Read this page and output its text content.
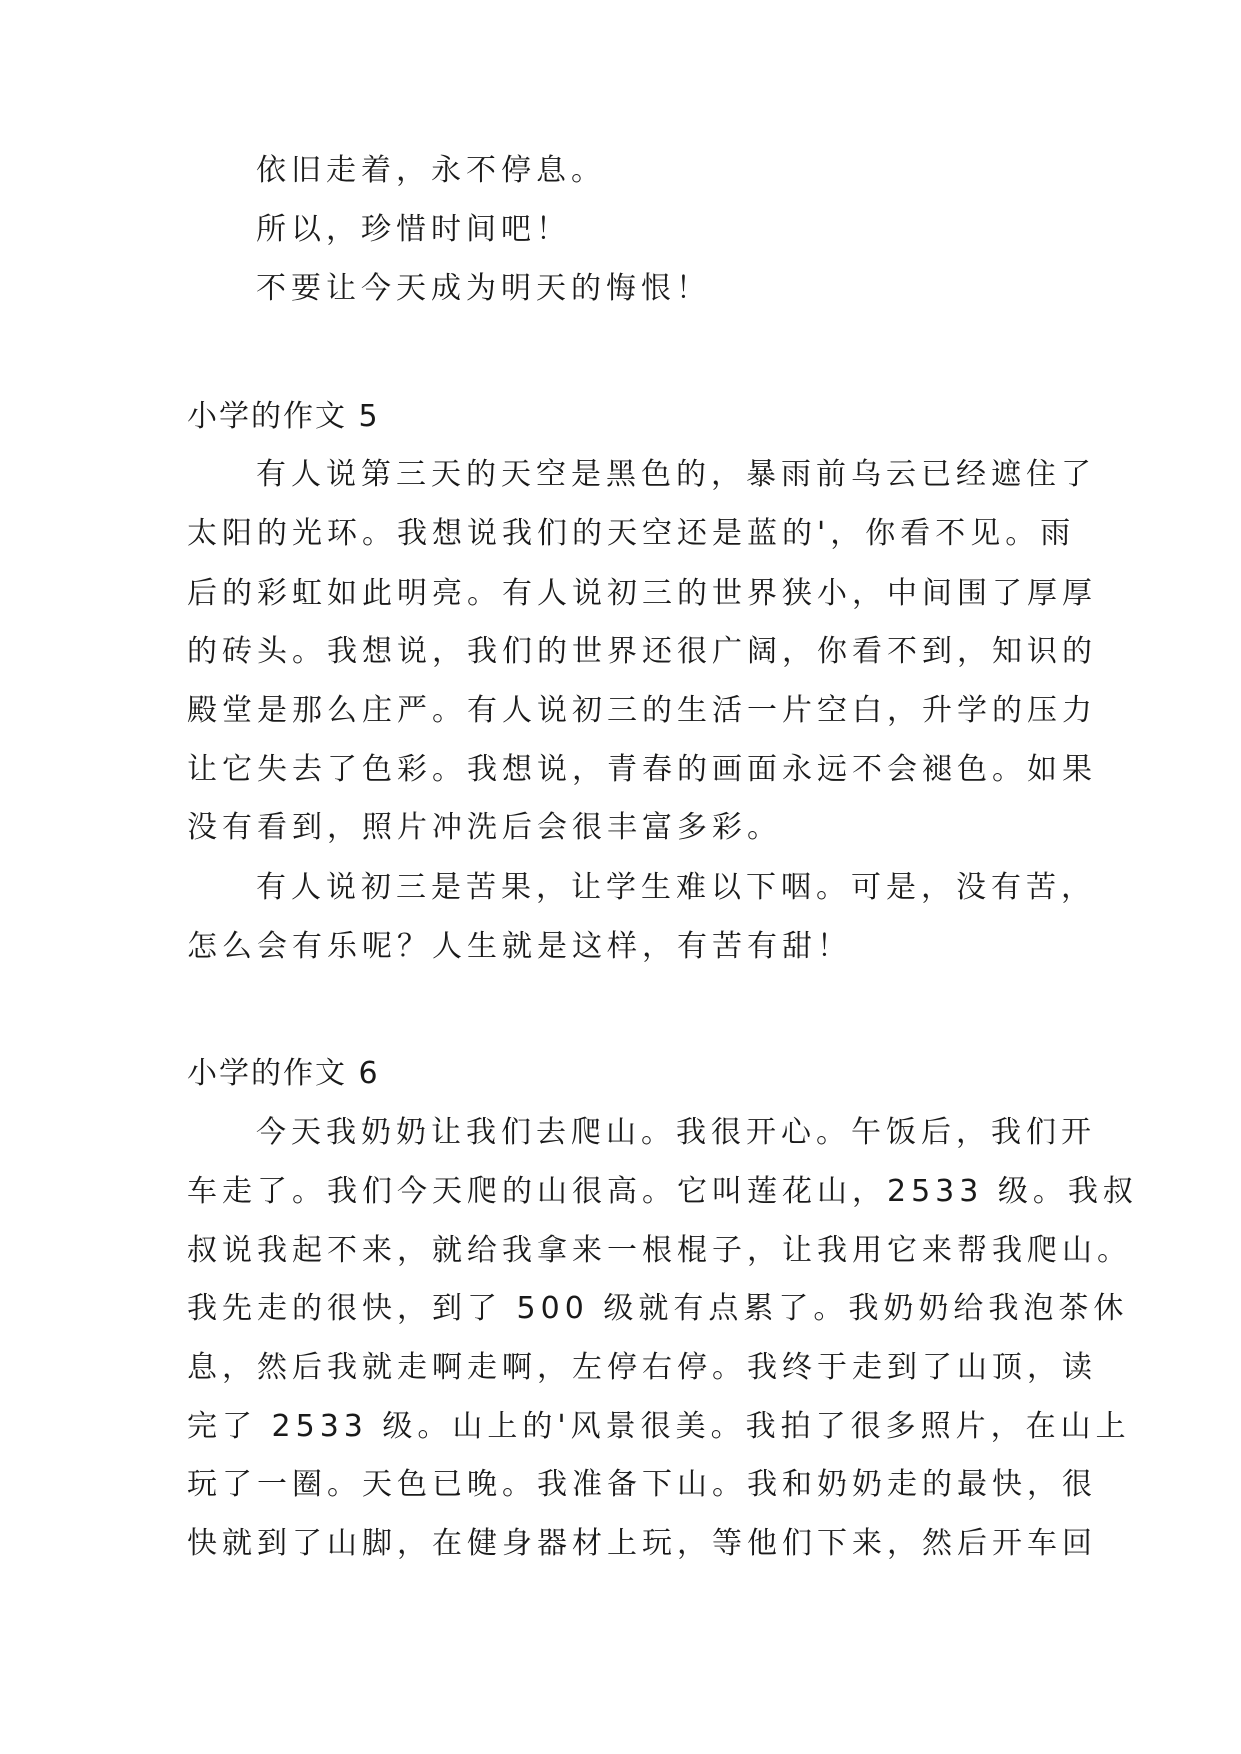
依旧走着，永不停息。
所以，珍惜时间吧！
不要让今天成为明天的悔恨！
小学的作文 5
有人说第三天的天空是黑色的，暴雨前乌云已经遮住了
太阳的光环。我想说我们的天空还是蓝的'，你看不见。雨
后的彩虹如此明亮。有人说初三的世界狭小，中间围了厚厚
的砖头。我想说，我们的世界还很广阔，你看不到，知识的
殿堂是那么庄严。有人说初三的生活一片空白，升学的压力
让它失去了色彩。我想说，青春的画面永远不会褪色。如果
没有看到，照片冲洗后会很丰富多彩。
有人说初三是苦果，让学生难以下咽。可是，没有苦，
怎么会有乐呢？人生就是这样，有苦有甜！
小学的作文 6
今天我奶奶让我们去爬山。我很开心。午饭后，我们开
车走了。我们今天爬的山很高。它叫莲花山，2533 级。我叔
叔说我起不来，就给我拿来一根棍子，让我用它来帮我爬山。
我先走的很快，到了 500 级就有点累了。我奶奶给我泡茶休
息，然后我就走啊走啊，左停右停。我终于走到了山顶，读
完了 2533 级。山上的'风景很美。我拍了很多照片，在山上
玩了一圈。天色已晚。我准备下山。我和奶奶走的最快，很
快就到了山脚，在健身器材上玩，等他们下来，然后开车回
